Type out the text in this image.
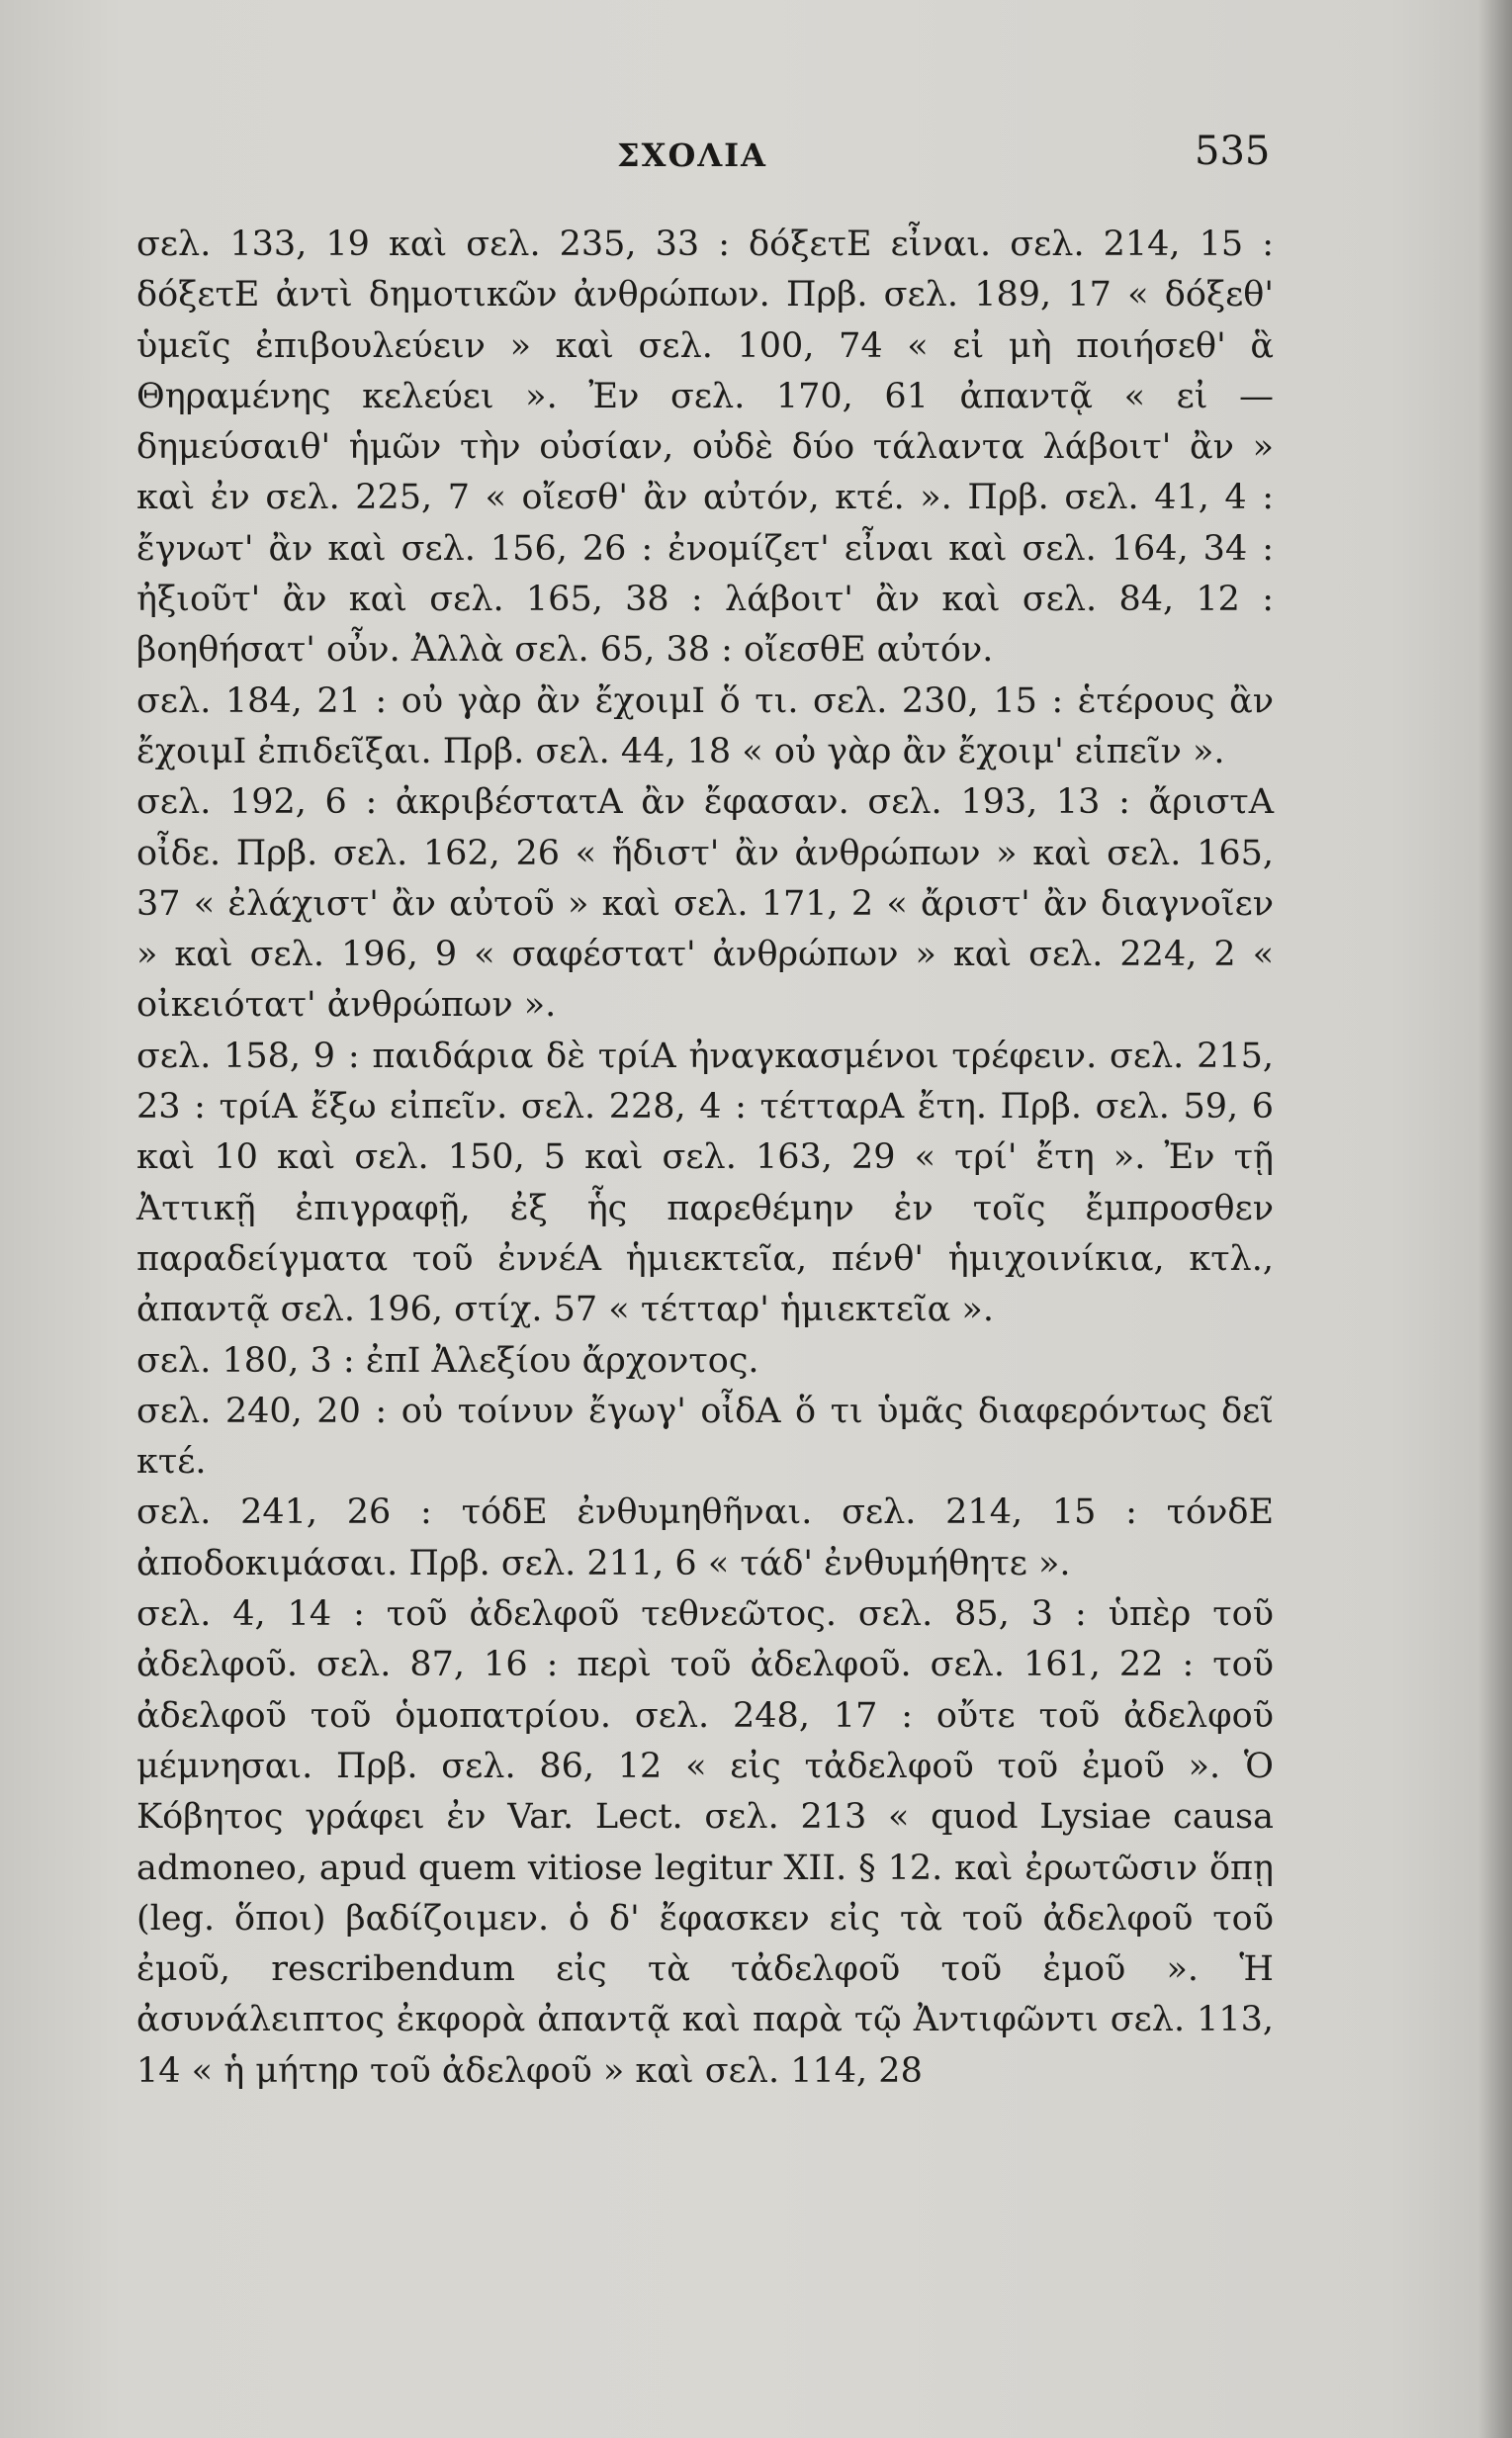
ΣΧΟΛΙΑ	535

σελ. 133, 19 καὶ σελ. 235, 33 : δόξετΕ εἶναι. σελ. 214, 15 : δόξετΕ ἀντὶ δημοτικῶν ἀνθρώπων. Πρβ. σελ. 189, 17 « δόξεθ' ὑμεῖς ἐπιβουλεύειν » καὶ σελ. 100, 74 « εἰ μὴ ποιήσεθ' ἃ Θηραμένης κελεύει ». Ἐν σελ. 170, 61 ἀπαντᾷ « εἰ — δημεύσαιθ' ἡμῶν τὴν οὐσίαν, οὐδὲ δύο τάλαντα λάβοιτ' ἂν » καὶ ἐν σελ. 225, 7 « οἴεσθ' ἂν αὐτόν, κτέ. ». Πρβ. σελ. 41, 4 : ἔγνωτ' ἂν καὶ σελ. 156, 26 : ἐνομίζετ' εἶναι καὶ σελ. 164, 34 : ἠξιοῦτ' ἂν καὶ σελ. 165, 38 : λάβοιτ' ἂν καὶ σελ. 84, 12 : βοηθήσατ' οὖν. Ἀλλὰ σελ. 65, 38 : οἴεσθΕ αὐτόν.

σελ. 184, 21 : οὐ γὰρ ἂν ἔχοιμΙ ὅ τι. σελ. 230, 15 : ἑτέρους ἂν ἔχοιμΙ ἐπιδεῖξαι. Πρβ. σελ. 44, 18 « οὐ γὰρ ἂν ἔχοιμ' εἰπεῖν ».

σελ. 192, 6 : ἀκριβέστατΑ ἂν ἔφασαν. σελ. 193, 13 : ἄριστΑ οἶδε. Πρβ. σελ. 162, 26 « ἥδιστ' ἂν ἀνθρώπων » καὶ σελ. 165, 37 « ἐλάχιστ' ἂν αὐτοῦ » καὶ σελ. 171, 2 « ἄριστ' ἂν διαγνοῖεν » καὶ σελ. 196, 9 « σαφέστατ' ἀνθρώπων » καὶ σελ. 224, 2 « οἰκειότατ' ἀνθρώπων ».

σελ. 158, 9 : παιδάρια δὲ τρίΑ ἠναγκασμένοι τρέφειν. σελ. 215, 23 : τρίΑ ἔξω εἰπεῖν. σελ. 228, 4 : τέτταρΑ ἔτη. Πρβ. σελ. 59, 6 καὶ 10 καὶ σελ. 150, 5 καὶ σελ. 163, 29 « τρί' ἔτη ». Ἐν τῇ Ἀττικῇ ἐπιγραφῇ, ἐξ ἧς παρεθέμην ἐν τοῖς ἔμπροσθεν παραδείγματα τοῦ ἐννέΑ ἡμιεκτεῖα, πένθ' ἡμιχοινίκια, κτλ., ἀπαντᾷ σελ. 196, στίχ. 57 « τέτταρ' ἡμιεκτεῖα ».

σελ. 180, 3 : ἐπΙ Ἀλεξίου ἄρχοντος.

σελ. 240, 20 : οὐ τοίνυν ἔγωγ' οἶδΑ ὅ τι ὑμᾶς διαφερόντως δεῖ κτέ.

σελ. 241, 26 : τόδΕ ἐνθυμηθῆναι. σελ. 214, 15 : τόνδΕ ἀποδοκιμάσαι. Πρβ. σελ. 211, 6 « τάδ' ἐνθυμήθητε ».

σελ. 4, 14 : τοῦ ἀδελφοῦ τεθνεῶτος. σελ. 85, 3 : ὑπὲρ τοῦ ἀδελφοῦ. σελ. 87, 16 : περὶ τοῦ ἀδελφοῦ. σελ. 161, 22 : τοῦ ἀδελφοῦ τοῦ ὁμοπατρίου. σελ. 248, 17 : οὔτε τοῦ ἀδελφοῦ μέμνησαι. Πρβ. σελ. 86, 12 « εἰς τἀδελφοῦ τοῦ ἐμοῦ ». Ὁ Κόβητος γράφει ἐν Var. Lect. σελ. 213 « quod Lysiae causa admoneo, apud quem vitiose legitur XII. § 12. καὶ ἐρωτῶσιν ὅπῃ (leg. ὅποι) βαδίζοιμεν. ὁ δ' ἔφασκεν εἰς τὰ τοῦ ἀδελφοῦ τοῦ ἐμοῦ, rescribendum εἰς τὰ τἀδελφοῦ τοῦ ἐμοῦ ». Ἡ ἀσυνάλειπτος ἐκφορὰ ἀπαντᾷ καὶ παρὰ τῷ Ἀντιφῶντι σελ. 113, 14 « ἡ μήτηρ τοῦ ἀδελφοῦ » καὶ σελ. 114, 28
